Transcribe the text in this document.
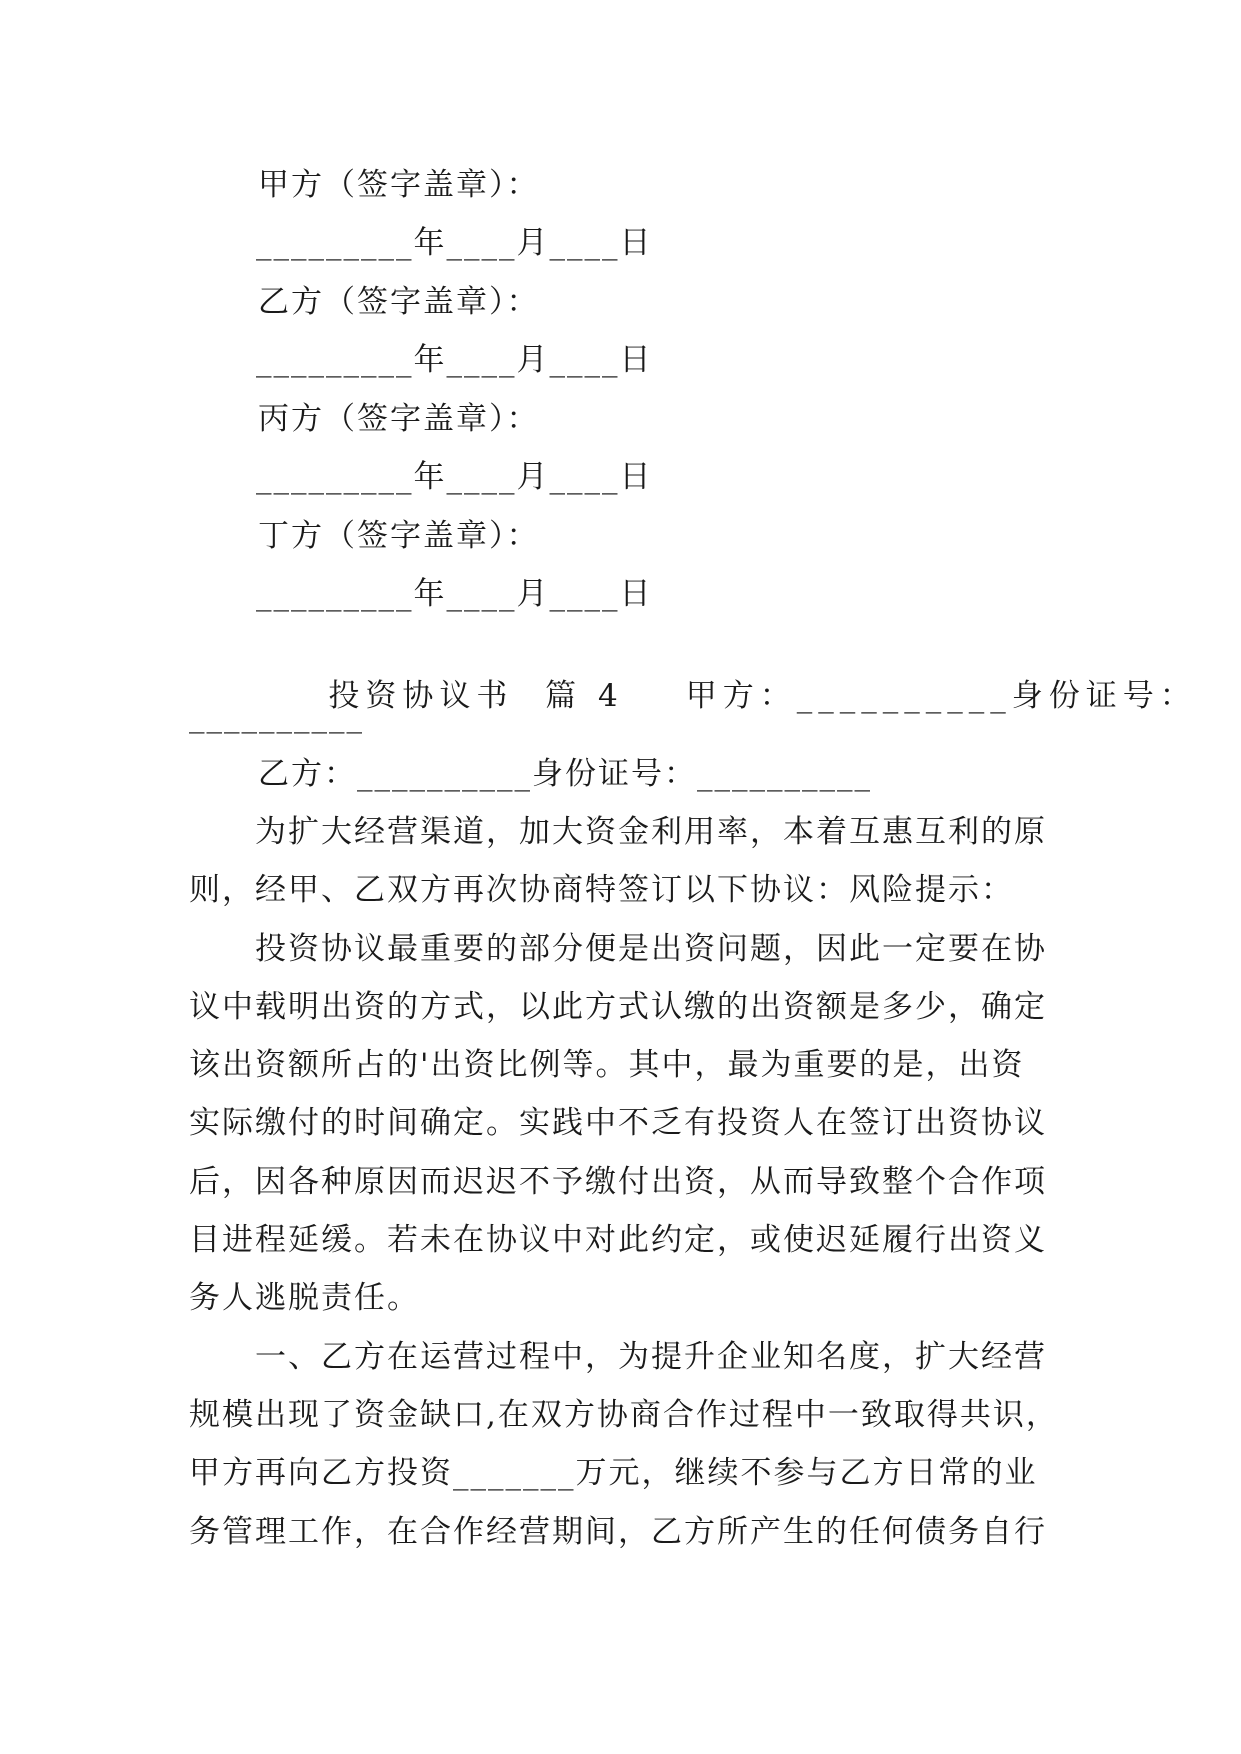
甲方（签字盖章）：
_________年____月____日
乙方（签字盖章）：
_________年____月____日
丙方（签字盖章）：
_________年____月____日
丁方（签字盖章）：
_________年____月____日

投资协议书  篇 4 甲方：__________身份证号：

__________
乙方：__________身份证号：__________
　　为扩大经营渠道，加大资金利用率，本着互惠互利的原
则，经甲、乙双方再次协商特签订以下协议：风险提示：
　　投资协议最重要的部分便是出资问题，因此一定要在协
议中载明出资的方式，以此方式认缴的出资额是多少，确定
该出资额所占的'出资比例等。其中，最为重要的是，出资
实际缴付的时间确定。实践中不乏有投资人在签订出资协议
后，因各种原因而迟迟不予缴付出资，从而导致整个合作项
目进程延缓。若未在协议中对此约定，或使迟延履行出资义
务人逃脱责任。
　　一、乙方在运营过程中，为提升企业知名度，扩大经营
规模出现了资金缺口,在双方协商合作过程中一致取得共识，
甲方再向乙方投资_______万元，继续不参与乙方日常的业
务管理工作，在合作经营期间，乙方所产生的任何债务自行
